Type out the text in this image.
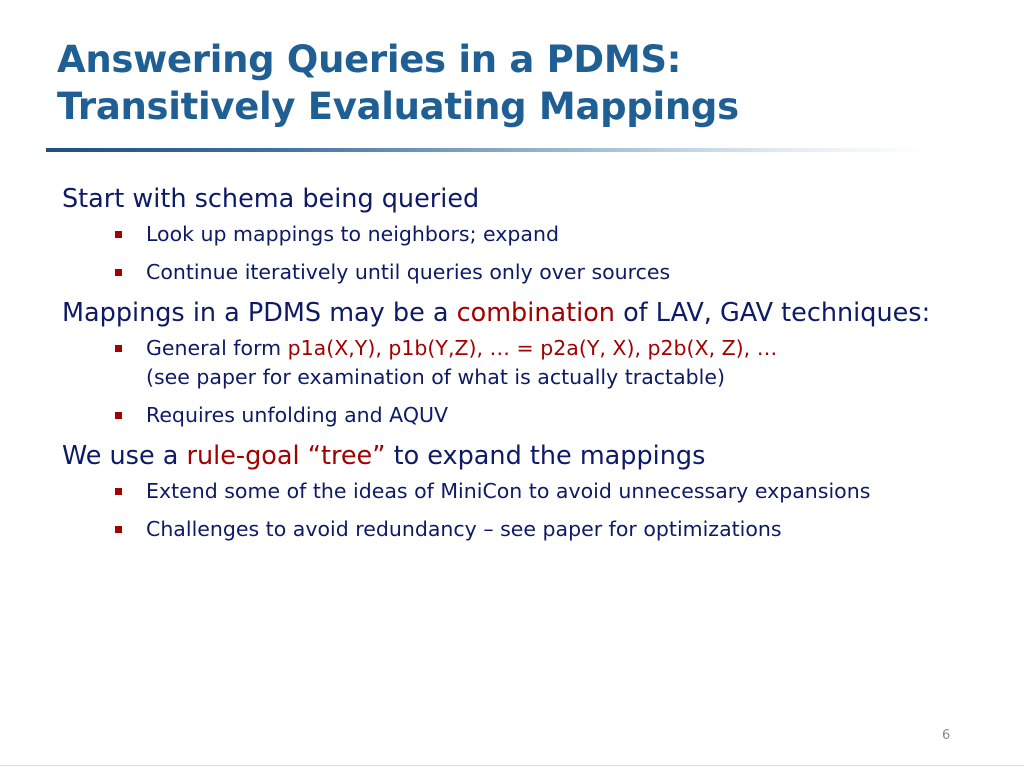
Answering Queries in a PDMS:
Transitively Evaluating Mappings
Start with schema being queried
Look up mappings to neighbors; expand
Continue iteratively until queries only over sources
Mappings in a PDMS may be a combination of LAV, GAV techniques:
General form p1a(X,Y), p1b(Y,Z), … = p2a(Y, X), p2b(X, Z), …
(see paper for examination of what is actually tractable)
Requires unfolding and AQUV
We use a rule-goal “tree” to expand the mappings
Extend some of the ideas of MiniCon to avoid unnecessary expansions
Challenges to avoid redundancy – see paper for optimizations
6
